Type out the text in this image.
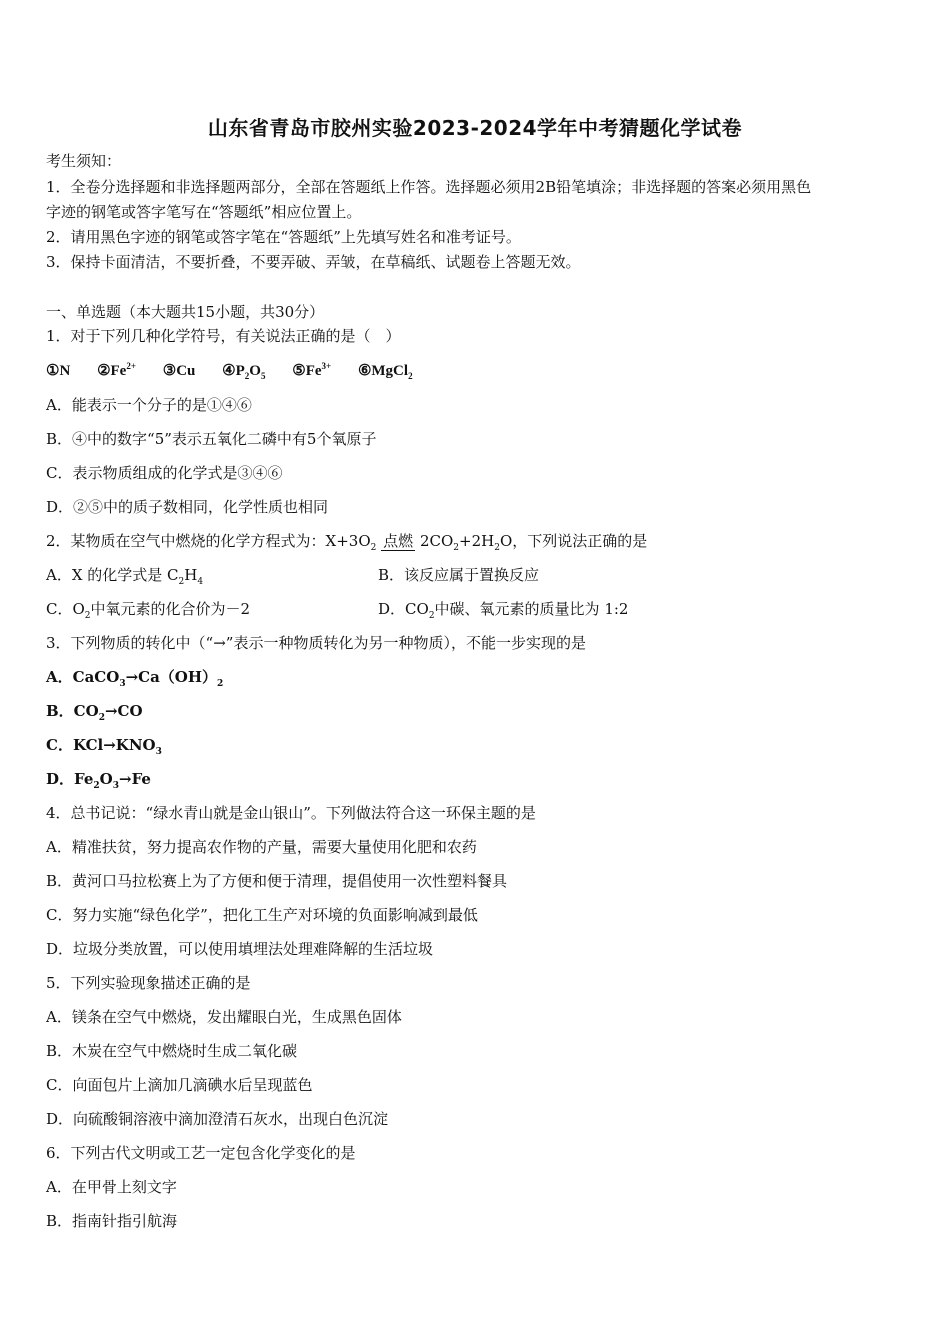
山东省青岛市胶州实验2023-2024学年中考猜题化学试卷
考生须知：
1．全卷分选择题和非选择题两部分，全部在答题纸上作答。选择题必须用2B铅笔填涂；非选择题的答案必须用黑色
字迹的钢笔或答字笔写在“答题纸”相应位置上。
2．请用黑色字迹的钢笔或答字笔在“答题纸”上先填写姓名和准考证号。
3．保持卡面清洁，不要折叠，不要弄破、弄皱，在草稿纸、试题卷上答题无效。
一、单选题（本大题共15小题，共30分）
1．对于下列几种化学符号，有关说法正确的是（　）
①N $②Fe^{2+}$ ③Cu $④P_2O_5$ $⑤Fe^{3+}$ ⑥MgCl$_2$
A．能表示一个分子的是①④⑥
B．④中的数字“5”表示五氧化二磷中有5个氧原子
C．表示物质组成的化学式是③④⑥
D．②⑤中的质子数相同，化学性质也相同
2．某物质在空气中燃烧的化学方程式为：$X+3O_2$ 点燃 $2CO_2+2H_2O$，下列说法正确的是
A．X 的化学式是 $C_2H_4$	B．该反应属于置换反应
C．$O_2$中氧元素的化合价为－2	D．$CO_2$中碳、氧元素的质量比为 1:2
3．下列物质的转化中（“→”表示一种物质转化为另一种物质），不能一步实现的是
A．$CaCO_3\to Ca(OH)_2$
B．$CO_2\to CO$
C．$KCl\to KNO_3$
D．$Fe_2O_3\to Fe$
4．总书记说：“绿水青山就是金山银山”。下列做法符合这一环保主题的是
A．精准扶贫，努力提高农作物的产量，需要大量使用化肥和农药
B．黄河口马拉松赛上为了方便和便于清理，提倡使用一次性塑料餐具
C．努力实施“绿色化学”，把化工生产对环境的负面影响减到最低
D．垃圾分类放置，可以使用填埋法处理难降解的生活垃圾
5．下列实验现象描述正确的是
A．镁条在空气中燃烧，发出耀眼白光，生成黑色固体
B．木炭在空气中燃烧时生成二氧化碳
C．向面包片上滴加几滴碘水后呈现蓝色
D．向硫酸铜溶液中滴加澄清石灰水，出现白色沉淀
6．下列古代文明或工艺一定包含化学变化的是
A．在甲骨上刻文字
B．指南针指引航海
